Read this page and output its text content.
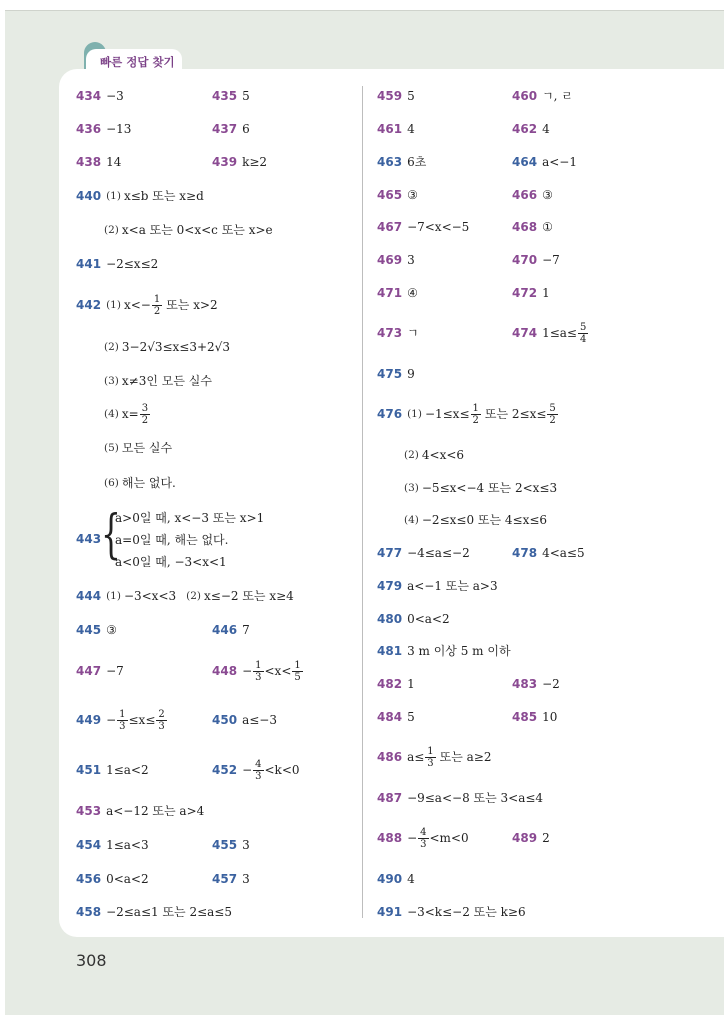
빠른 정답 찾기
434 −3	435 5
436 −13	437 6
438 14	439 k≥2
440 (1) x≤b 또는 x≥d
(2) x<a 또는 0<x<c 또는 x>e
441 −2≤x≤2
442 (1) $x<- \frac{1}{2}$ 또는 x>2
(2) 3−2√3≤x≤3+2√3
(3) x≠3인 모든 실수
(4) $x= \frac{3}{2}$
(5) 모든 실수
(6) 해는 없다.
443 {
a>0일 때, x<−3 또는 x>1
a=0일 때, 해는 없다.
a<0일 때, −3<x<1
444 (1) −3<x<3 (2) x≤−2 또는 x≥4
445 ③	446 7
447 −7	$448 - \frac{1}{3} <x< \frac{1}{5}$
$449 - \frac{1}{3} \le x\le \frac{2}{3}$	450 a≤−3
451 1≤a<2	$452 - \frac{4}{3} <k<0$
453 a<−12 또는 a>4
454 1≤a<3	455 3
456 0<a<2	457 3
458 −2≤a≤1 또는 2≤a≤5
459 5	460 ㄱ, ㄹ
461 4	462 4
463 6초	464 a<−1
465 ③	466 ③
467 −7<x<−5	468 ①
469 3	470 −7
471 ④	472 1
473 ㄱ	474 $1\le a\le \frac{5}{4}$
475 9
476 $(1) -1\le x\le \frac{1}{2}$ 또는 $2\le x\le \frac{5}{2}$
(2) 4<x<6
(3) −5≤x<−4 또는 2<x≤3
(4) −2≤x≤0 또는 4≤x≤6
477 −4≤a≤−2	478 4<a≤5
479 a<−1 또는 a>3
480 0<a<2
481 3 m 이상 5 m 이하
482 1	483 −2
484 5	485 10
486 $a\le \frac{1}{3}$ 또는 a≥2
487 −9≤a<−8 또는 3<a≤4
$488 - \frac{4}{3} <m<0$	489 2
490 4
491 −3<k≤−2 또는 k≥6
308
